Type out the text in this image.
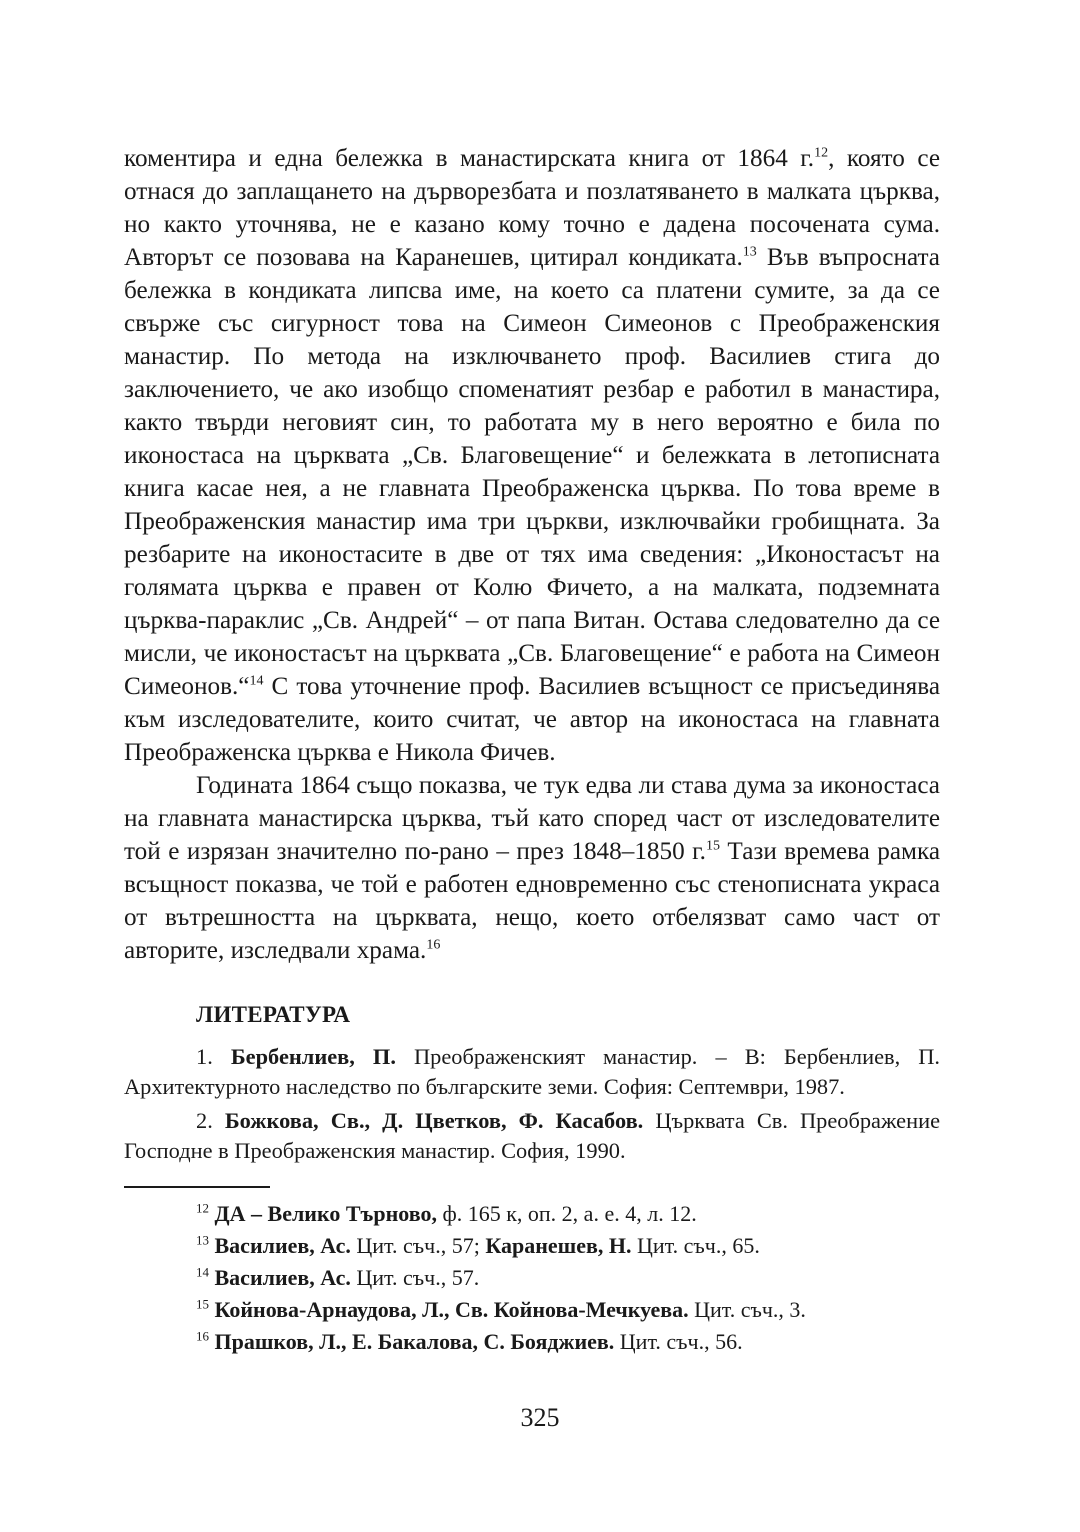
коментира и една бележка в манастирската книга от 1864 г.$^{12}$, която се отнася до заплащането на дърворезбата и позлатяването в малката църква, но както уточнява, не е казано кому точно е дадена посочената сума. Авторът се позовава на Каранешев, цитирал кондиката.$^{13}$ Във въпросната бележка в кондиката липсва име, на което са платени сумите, за да се свърже със сигурност това на Симеон Симеонов с Преображенския манастир. По метода на изключването проф. Василиев стига до заключението, че ако изобщо споменатият резбар е работил в манастира, както твърди неговият син, то работата му в него вероятно е била по иконостаса на църквата „Св. Благовещение“ и бележката в летописната книга касае нея, а не главната Преображенска църква. По това време в Преображенския манастир има три църкви, изключвайки гробищната. За резбарите на иконостасите в две от тях има сведения: „Иконостасът на голямата църква е правен от Колю Фичето, а на малката, подземната църква-параклис „Св. Андрей“ – от папа Витан. Остава следователно да се мисли, че иконостасът на църквата „Св. Благовещение“ е работа на Симеон Симеонов.“$^{14}$ С това уточнение проф. Василиев всъщност се присъединява към изследователите, които считат, че автор на иконостаса на главната Преображенска църква е Никола Фичев.

Годината 1864 също показва, че тук едва ли става дума за иконостаса на главната манастирска църква, тъй като според част от изследователите той е изрязан значително по-рано – през 1848–1850 г.$^{15}$ Тази времева рамка всъщност показва, че той е работен едновременно със стенописната украса от вътрешността на църквата, нещо, което отбелязват само част от авторите, изследвали храма.$^{16}$

ЛИТЕРАТУРА

1. Бербенлиев, П. Преображенският манастир. – В: Бербенлиев, П. Архитектурното наследство по българските земи. София: Септември, 1987.

2. Божкова, Св., Д. Цветков, Ф. Касабов. Църквата Св. Преображение Господне в Преображенския манастир. София, 1990.

$^{12}$ ДА – Велико Търново, ф. 165 к, оп. 2, а. е. 4, л. 12.
$^{13}$ Василиев, Ас. Цит. съч., 57; Каранешев, Н. Цит. съч., 65.
$^{14}$ Василиев, Ас. Цит. съч., 57.
$^{15}$ Койнова-Арнаудова, Л., Св. Койнова-Мечкуева. Цит. съч., 3.
$^{16}$ Прашков, Л., Е. Бакалова, С. Бояджиев. Цит. съч., 56.
325
